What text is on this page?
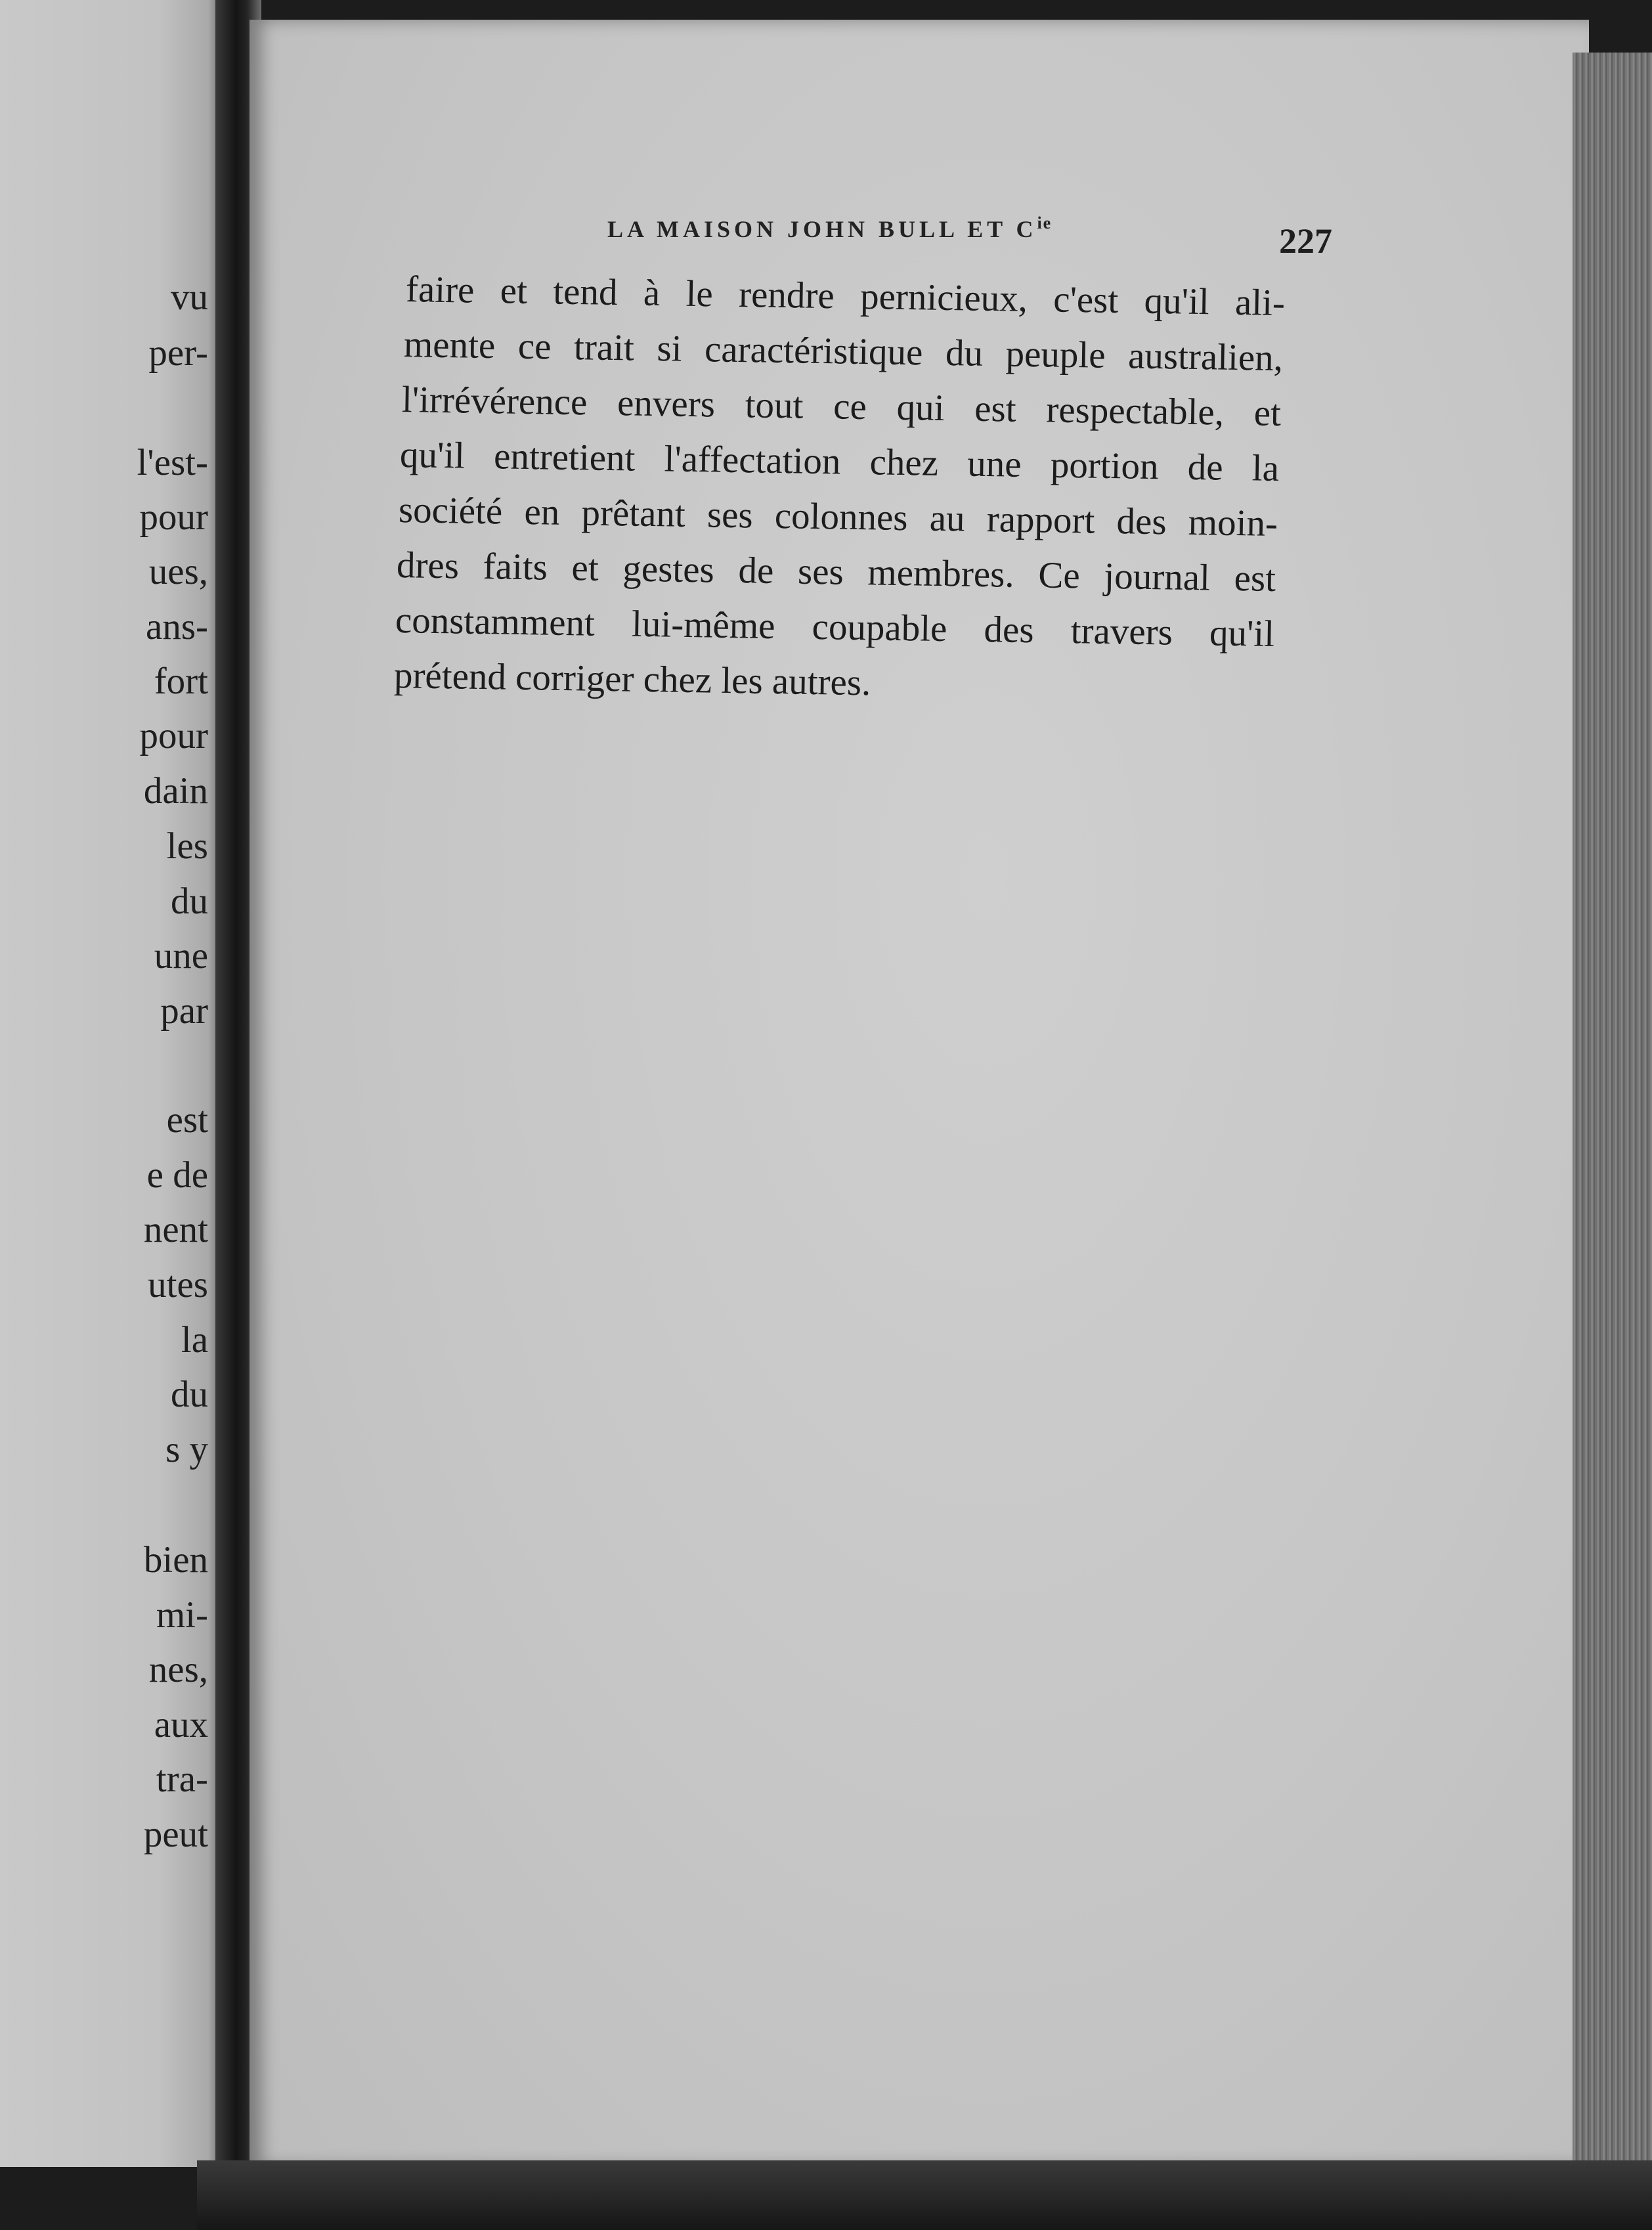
vu
per-
l'est-
pour
ues,
ans-
fort
pour
dain
les
du
une
par
est
e de
nent
utes
la
du
s y
bien
mi-
nes,
aux
tra-
peut
LA MAISON JOHN BULL ET $C^{ie}$	227
faire et tend à le rendre pernicieux, c'est qu'il ali-
mente ce trait si caractéristique du peuple australien,
l'irrévérence envers tout ce qui est respectable, et
qu'il entretient l'affectation chez une portion de la
société en prêtant ses colonnes au rapport des moin-
dres faits et gestes de ses membres. Ce journal est
constamment lui-même coupable des travers qu'il
prétend corriger chez les autres.
